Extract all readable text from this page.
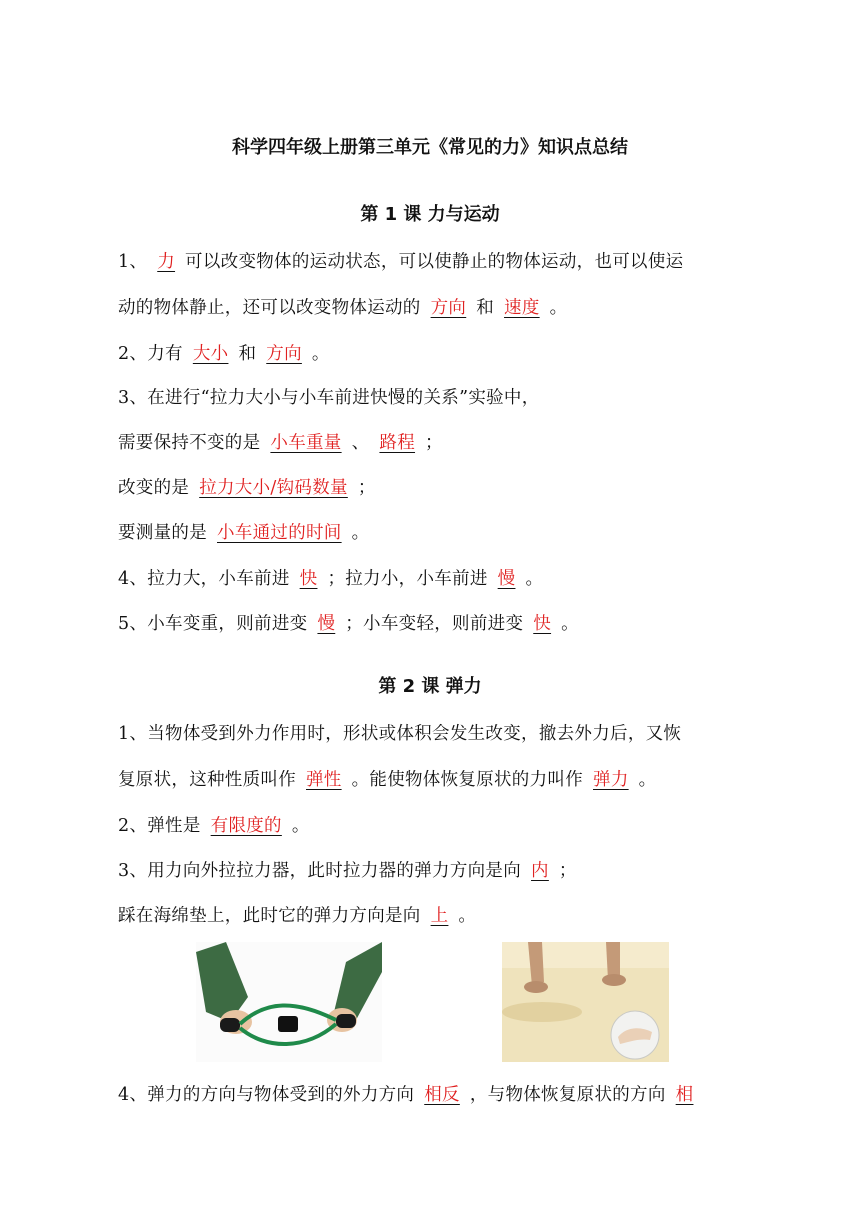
科学四年级上册第三单元《常见的力》知识点总结
第 1 课 力与运动
1、 力 可以改变物体的运动状态，可以使静止的物体运动，也可以使运
动的物体静止，还可以改变物体运动的 方向 和 速度 。
2、力有 大小 和 方向 。
3、在进行“拉力大小与小车前进快慢的关系”实验中，
需要保持不变的是 小车重量 、 路程 ；
改变的是 拉力大小/钩码数量 ；
要测量的是 小车通过的时间 。
4、拉力大，小车前进 快 ；拉力小，小车前进 慢 。
5、小车变重，则前进变 慢 ；小车变轻，则前进变 快 。
第 2 课 弹力
1、当物体受到外力作用时，形状或体积会发生改变，撤去外力后，又恢
复原状，这种性质叫作 弹性 。能使物体恢复原状的力叫作 弹力 。
2、弹性是 有限度的 。
3、用力向外拉拉力器，此时拉力器的弹力方向是向 内 ；
踩在海绵垫上，此时它的弹力方向是向 上 。
4、弹力的方向与物体受到的外力方向 相反 ，与物体恢复原状的方向 相
